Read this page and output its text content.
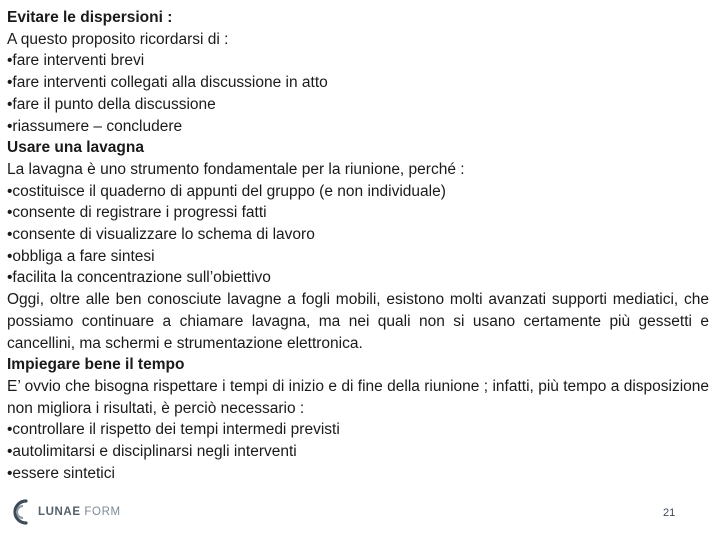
Evitare le dispersioni :

A questo proposito ricordarsi di :

•fare interventi brevi

•fare interventi collegati alla discussione in atto

•fare il punto della discussione

•riassumere – concludere

Usare una lavagna

La lavagna è uno strumento fondamentale per la riunione, perché :

•costituisce il quaderno di appunti del gruppo (e non individuale)

•consente di registrare i progressi fatti

•consente di visualizzare lo schema di lavoro

•obbliga a fare sintesi

•facilita la concentrazione sull’obiettivo

Oggi, oltre alle ben conosciute lavagne a fogli mobili, esistono molti avanzati supporti mediatici, che possiamo continuare a chiamare lavagna, ma nei quali non si usano certamente più gessetti e cancellini, ma schermi e strumentazione elettronica.

Impiegare bene il tempo

E’ ovvio che bisogna rispettare i tempi di inizio e di fine della riunione ; infatti, più tempo a disposizione non migliora i risultati, è perciò necessario :

•controllare il rispetto dei tempi intermedi previsti

•autolimitarsi e disciplinarsi negli interventi

•essere sintetici

LUNAE FORM	21
